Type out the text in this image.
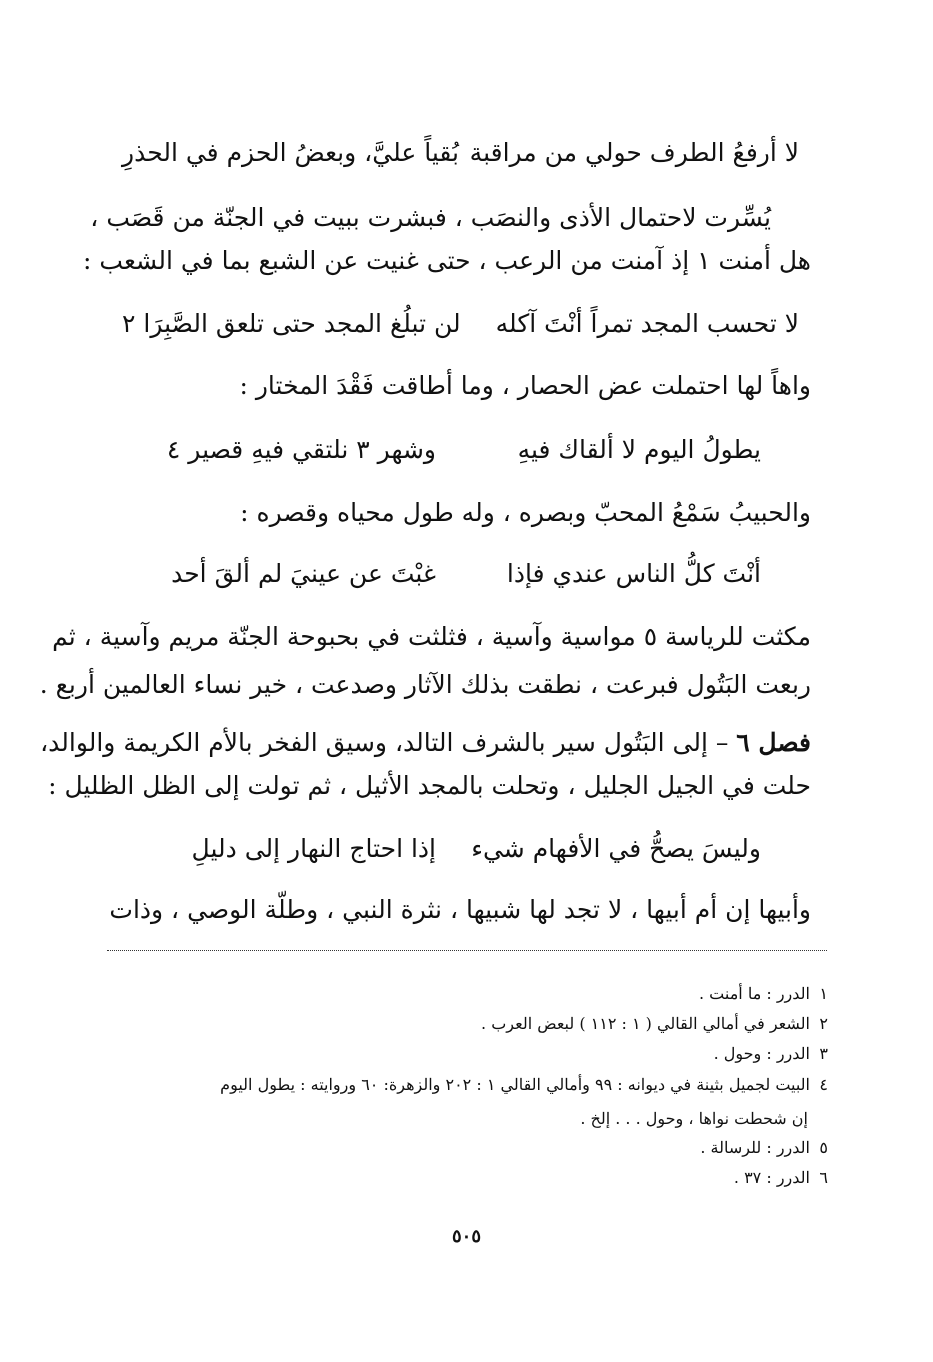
لا أرفعُ الطرف حولي من مراقبة
بُقياً عليَّ، وبعضُ الحزم في الحذرِ
يُسِّرت لاحتمال الأذى والنصَب ، فبشرت ببيت في الجنّة من قَصَب ،
هل أمنت ١ إذ آمنت من الرعب ، حتى غنيت عن الشبع بما في الشعب :
لا تحسب المجد تمراً أنْتَ آكله
لن تبلُغ المجد حتى تلعق الصَّبِرَا ٢
واهاً لها احتملت عض الحصار ، وما أطاقت فَقْدَ المختار :
يطولُ اليوم لا ألقاك فيهِ
وشهر ٣ نلتقي فيهِ قصير ٤
والحبيبُ سَمْعُ المحبّ وبصره ، وله طول محياه وقصره :
أنْتَ كلُّ الناس عندي فإذا
غبْتَ عن عينيَ لم ألقَ أحد
مكثت للرياسة ٥ مواسية وآسية ، فثلثت في بحبوحة الجنّة مريم وآسية ، ثم
ربعت البَتُول فبرعت ، نطقت بذلك الآثار وصدعت ، خير نساء العالمين أربع .
فصل ٦ – إلى البَتُول سير بالشرف التالد، وسيق الفخر بالأم الكريمة والوالد،
حلت في الجيل الجليل ، وتحلت بالمجد الأثيل ، ثم تولت إلى الظل الظليل :
وليسَ يصحُّ في الأفهام شيء
إذا احتاج النهار إلى دليلِ
وأبيها إن أم أبيها ، لا تجد لها شبيها ، نثرة النبي ، وطلّة الوصي ، وذات
١الدرر : ما أمنت .
٢الشعر في أمالي القالي ( ١ : ١١٢ ) لبعض العرب .
٣الدرر : وحول .
٤البيت لجميل بثينة في ديوانه : ٩٩ وأمالي القالي ١ : ٢٠٢ والزهرة: ٦٠ وروايته : يطول اليوم
إن شحطت نواها ، وحول . . . إلخ .
٥الدرر : للرسالة .
٦الدرر : ٣٧ .
٥٠٥
